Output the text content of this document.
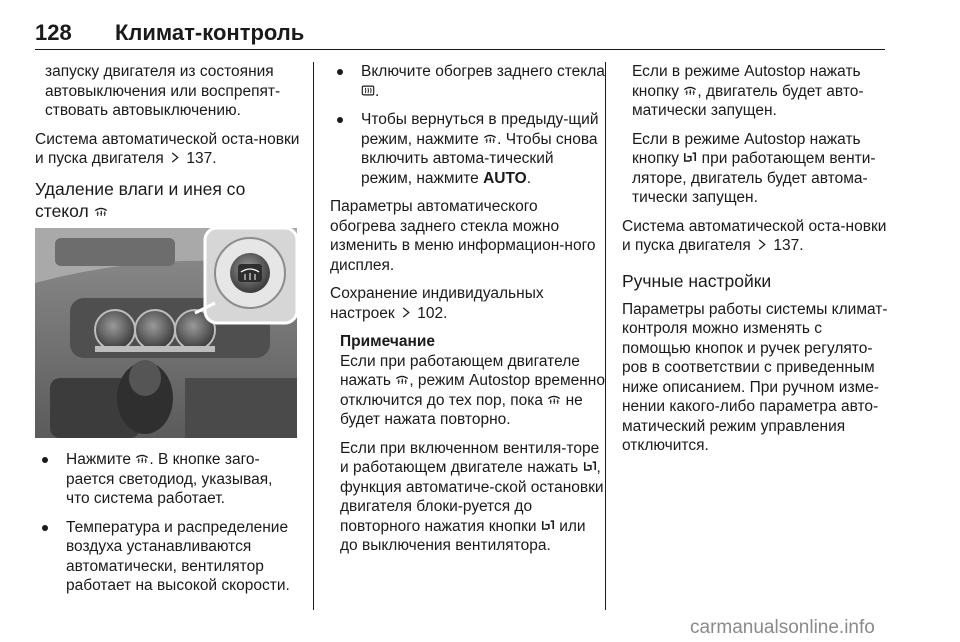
128 Климат-контроль

запуску двигателя из состояния автовыключения или воспрепят-ствовать автовыключению.

Система автоматической оста-новки и пуска двигателя  137.

Удаление влаги и инея со стекол
Нажмите . В кнопке заго-рается светодиод, указывая, что система работает.
Температура и распределение воздуха устанавливаются автоматически, вентилятор работает на высокой скорости.
Включите обогрев заднего стекла .
Чтобы вернуться в предыду-щий режим, нажмите . Чтобы снова включить автома-тический режим, нажмите AUTO.

Параметры автоматического обогрева заднего стекла можно изменить в меню информацион-ного дисплея.

Сохранение индивидуальных настроек  102.

Примечание

Если при работающем двигателе нажать , режим Autostop временно отключится до тех пор, пока  не будет нажата повторно.

Если при включенном вентиля-торе и работающем двигателе нажать , функция автоматиче-ской остановки двигателя блоки-руется до повторного нажатия кнопки  или до выключения вентилятора.

Если в режиме Autostop нажать кнопку , двигатель будет авто-матически запущен.

Если в режиме Autostop нажать кнопку  при работающем венти-ляторе, двигатель будет автома-тически запущен.

Система автоматической оста-новки и пуска двигателя  137.

Ручные настройки

Параметры работы системы климат-контроля можно изменять с помощью кнопок и ручек регулято-ров в соответствии с приведенным ниже описанием. При ручном изме-нении какого-либо параметра авто-матический режим управления отключится.

carmanualsonline.info
